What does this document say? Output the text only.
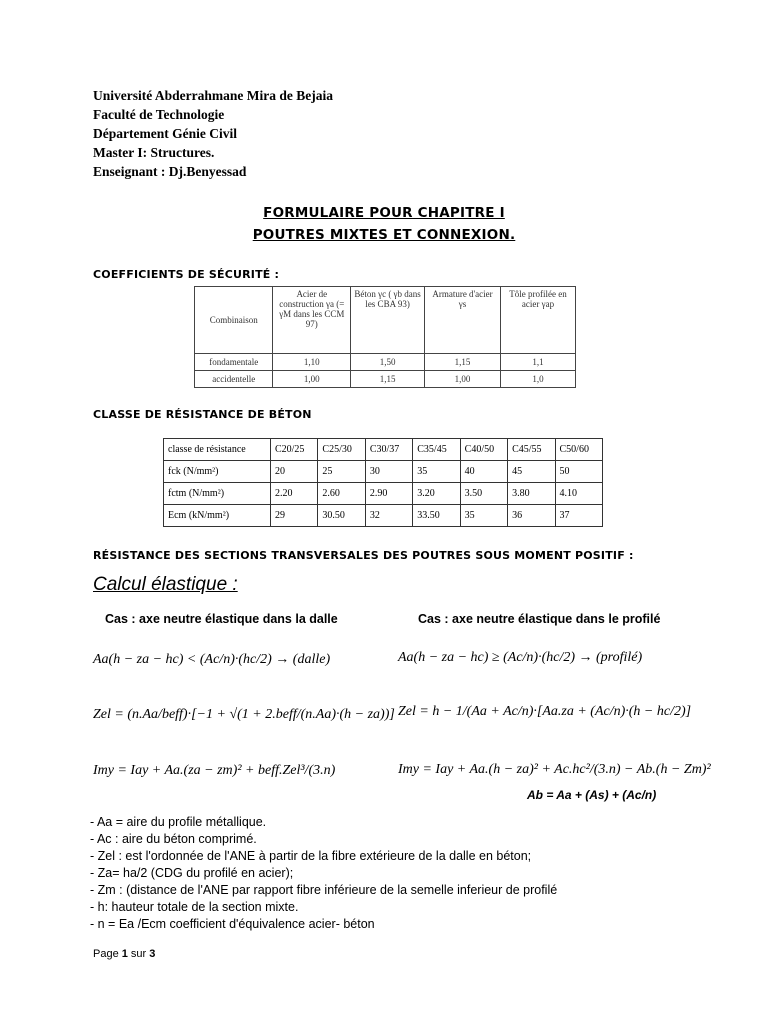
Université Abderrahmane Mira de Bejaia
Faculté de Technologie
Département Génie Civil
Master I: Structures.
Enseignant : Dj.Benyessad
FORMULAIRE POUR CHAPITRE I
POUTRES MIXTES ET CONNEXION.
COEFFICIENTS DE SÉCURITÉ :
Combinaison	Acier de construction γa (= γM dans les CCM 97)	Béton γc ( γb dans les CBA 93)	Armature d'acier γs	Tôle profilée en acier γap
fondamentale	1,10	1,50	1,15	1,1
accidentelle	1,00	1,15	1,00	1,0
CLASSE DE RÉSISTANCE DE BÉTON
classe de résistance	C20/25	C25/30	C30/37	C35/45	C40/50	C45/55	C50/60
fck (N/mm²)	20	25	30	35	40	45	50
fctm (N/mm²)	2.20	2.60	2.90	3.20	3.50	3.80	4.10
Ecm (kN/mm²)	29	30.50	32	33.50	35	36	37
RÉSISTANCE DES SECTIONS TRANSVERSALES DES POUTRES SOUS MOMENT POSITIF :
Calcul élastique :
Cas : axe neutre élastique dans la dalle	Cas : axe neutre élastique dans le profilé
Aa(h − za − hc) < (Ac/n)·(hc/2) → (dalle)
Zel = (n.Aa/beff)·[−1 + √(1 + 2.beff/(n.Aa)·(h − za))]
Imy = Iay + Aa.(za − zm)² + beff.Zel³/(3.n)
Aa(h − za − hc) ≥ (Ac/n)·(hc/2) → (profilé)
Zel = h − 1/(Aa + Ac/n)·[Aa.za + (Ac/n)·(h − hc/2)]
Imy = Iay + Aa.(h − za)² + Ac.hc²/(3.n) − Ab.(h − Zm)²
Ab = Aa + (As) + (Ac/n)
- Aa = aire du profile métallique.
- Ac : aire du béton comprimé.
- Zel : est l'ordonnée de l'ANE à partir de la fibre extérieure de la dalle en béton;
- Za= ha/2 (CDG du profilé en acier);
- Zm : (distance de l'ANE par rapport fibre inférieure de la semelle inferieur de profilé
- h: hauteur totale de la section mixte.
- n = Ea /Ecm coefficient d'équivalence acier- béton
Page 1 sur 3
